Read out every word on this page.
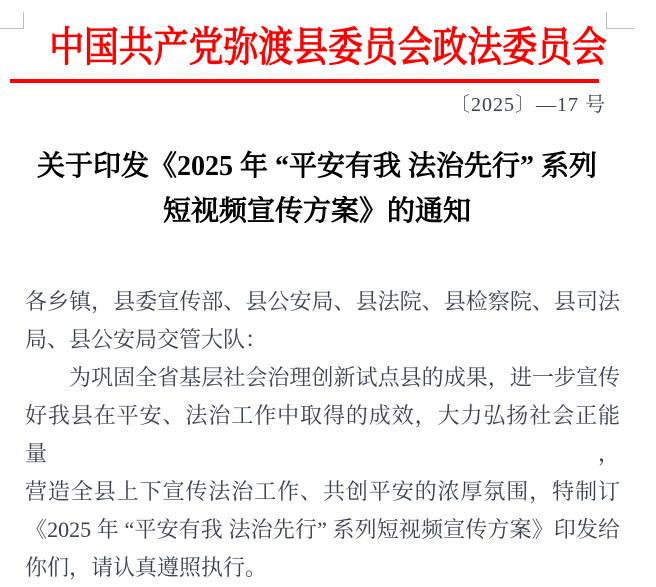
中国共产党弥渡县委员会政法委员会
〔2025〕—17 号
关于印发《2025 年 “平安有我 法治先行” 系列
短视频宣传方案》的通知
各乡镇，县委宣传部、县公安局、县法院、县检察院、县司法
局、县公安局交管大队：
为巩固全省基层社会治理创新试点县的成果，进一步宣传
好我县在平安、法治工作中取得的成效，大力弘扬社会正能量，
营造全县上下宣传法治工作、共创平安的浓厚氛围，特制订
《2025 年 “平安有我 法治先行” 系列短视频宣传方案》印发给
你们，请认真遵照执行。
